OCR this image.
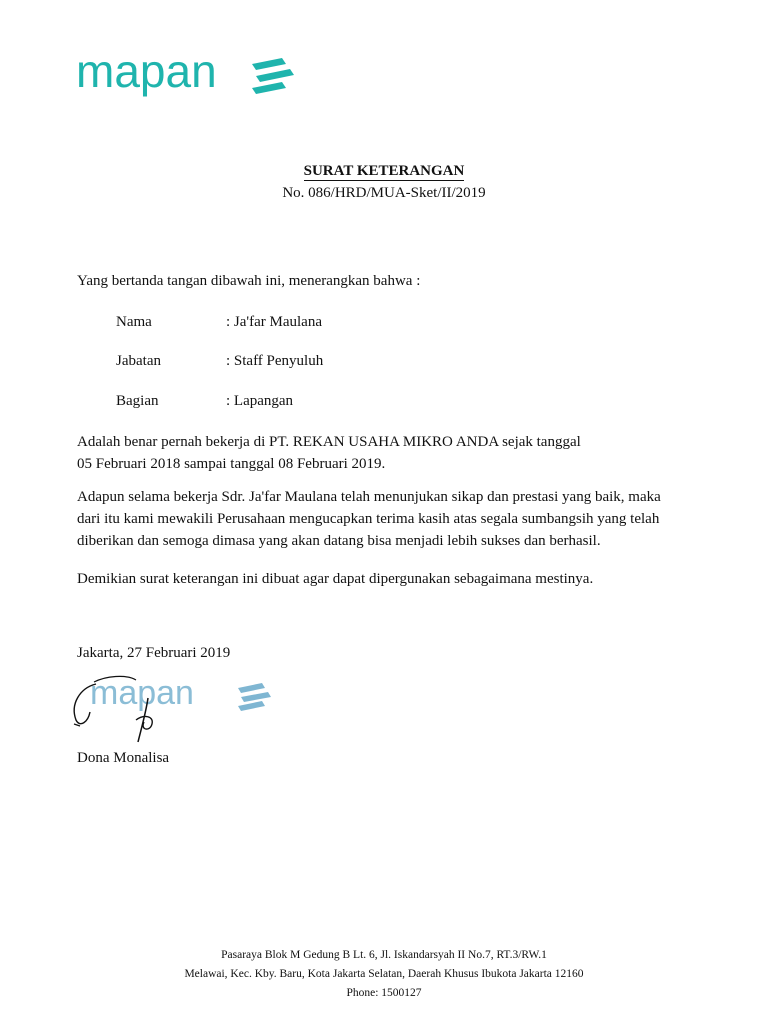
mapan
SURAT KETERANGAN
No. 086/HRD/MUA-Sket/II/2019
Yang bertanda tangan dibawah ini, menerangkan bahwa :
Nama	: Ja'far Maulana
Jabatan	: Staff Penyuluh
Bagian	: Lapangan
Adalah benar pernah bekerja di PT. REKAN USAHA MIKRO ANDA sejak tanggal
05 Februari 2018 sampai tanggal 08 Februari 2019.
Adapun selama bekerja Sdr. Ja'far Maulana telah menunjukan sikap dan prestasi yang baik, maka
dari itu kami mewakili Perusahaan mengucapkan terima kasih atas segala sumbangsih yang telah
diberikan dan semoga dimasa yang akan datang bisa menjadi lebih sukses dan berhasil.
Demikian surat keterangan ini dibuat agar dapat dipergunakan sebagaimana mestinya.
Jakarta, 27 Februari 2019
mapan
Dona Monalisa
Pasaraya Blok M Gedung B Lt. 6, Jl. Iskandarsyah II No.7, RT.3/RW.1
Melawai, Kec. Kby. Baru, Kota Jakarta Selatan, Daerah Khusus Ibukota Jakarta 12160
Phone: 1500127
